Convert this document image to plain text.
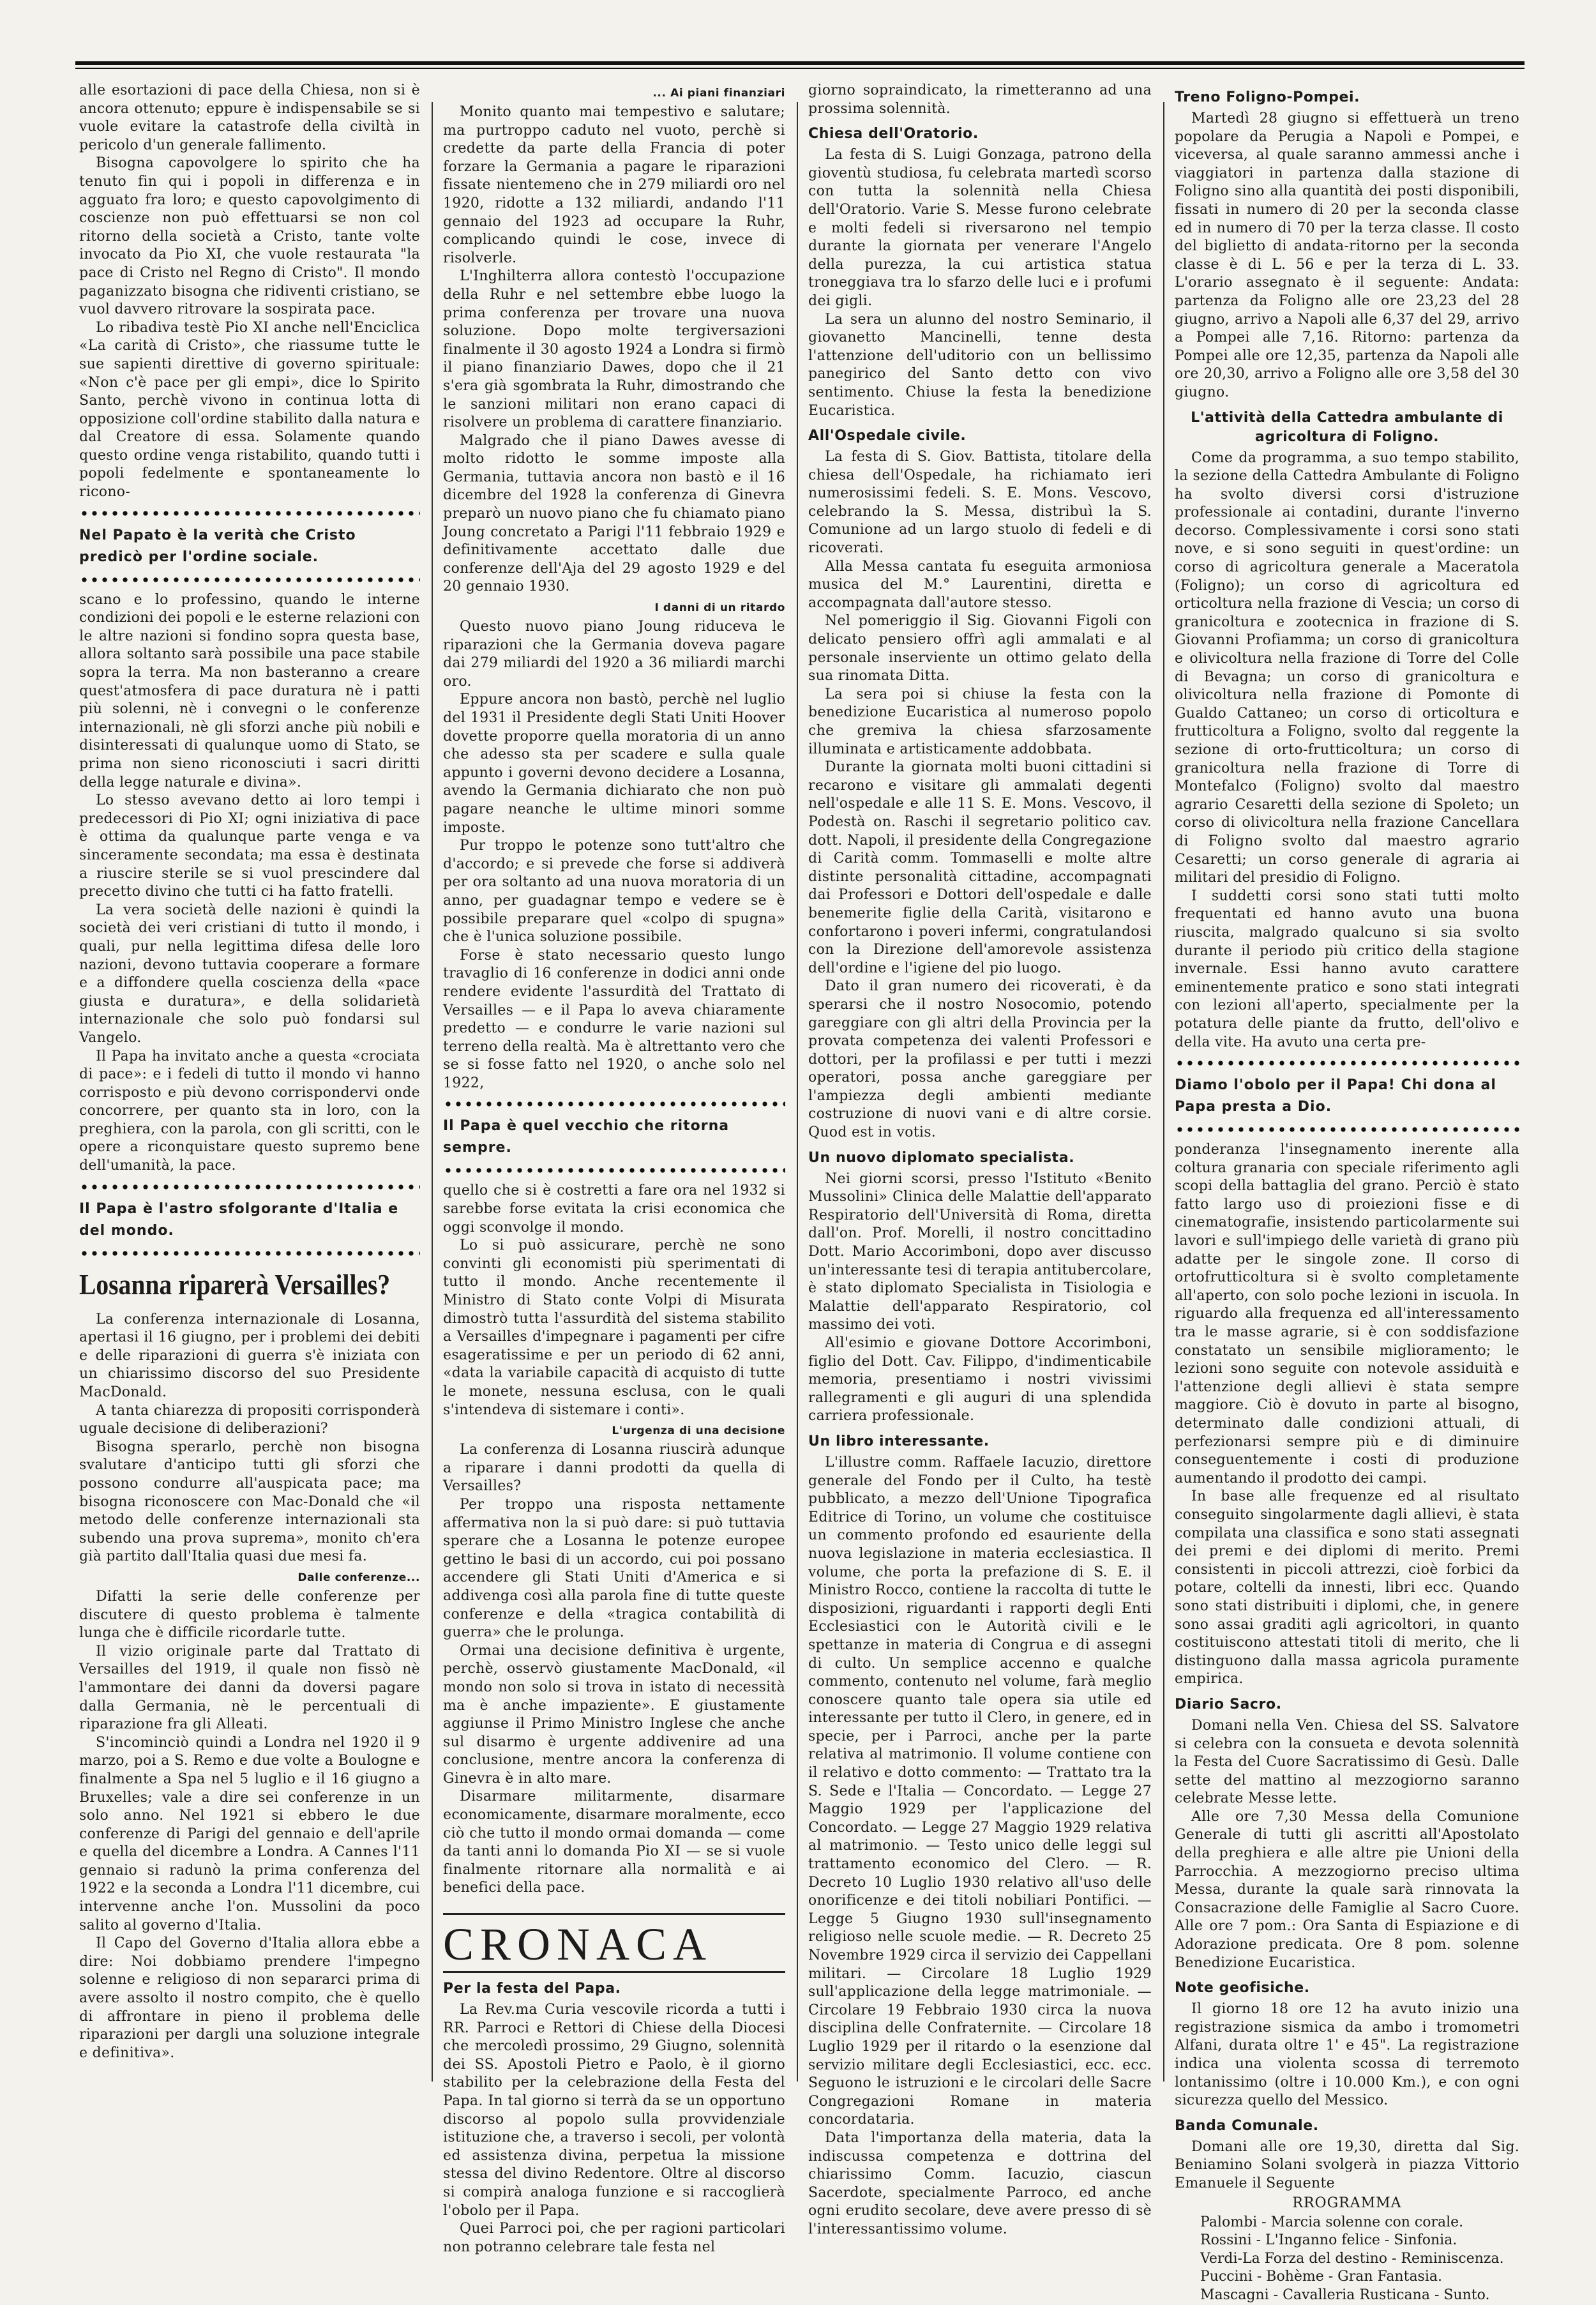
alle esortazioni di pace della Chiesa, non si è ancora ottenuto; eppure è indispensabile se si vuole evitare la catastrofe della civiltà in pericolo d'un generale fallimento.

Bisogna capovolgere lo spirito che ha tenuto fin qui i popoli in differenza e in agguato fra loro; e questo capovolgimento di coscienze non può effettuarsi se non col ritorno della società a Cristo, tante volte invocato da Pio XI, che vuole restaurata "la pace di Cristo nel Regno di Cristo". Il mondo paganizzato bisogna che ridiventi cristiano, se vuol davvero ritrovare la sospirata pace.

Lo ribadiva testè Pio XI anche nell'Enciclica «La carità di Cristo», che riassume tutte le sue sapienti direttive di governo spirituale: «Non c'è pace per gli empi», dice lo Spirito Santo, perchè vivono in continua lotta di opposizione coll'ordine stabilito dalla natura e dal Creatore di essa. Solamente quando questo ordine venga ristabilito, quando tutti i popoli fedelmente e spontaneamente lo ricono-

Nel Papato è la verità che Cristo predicò per l'ordine sociale.

scano e lo professino, quando le interne condizioni dei popoli e le esterne relazioni con le altre nazioni si fondino sopra questa base, allora soltanto sarà possibile una pace stabile sopra la terra. Ma non basteranno a creare quest'atmosfera di pace duratura nè i patti più solenni, nè i convegni o le conferenze internazionali, nè gli sforzi anche più nobili e disinteressati di qualunque uomo di Stato, se prima non sieno riconosciuti i sacri diritti della legge naturale e divina».

Lo stesso avevano detto ai loro tempi i predecessori di Pio XI; ogni iniziativa di pace è ottima da qualunque parte venga e va sinceramente secondata; ma essa è destinata a riuscire sterile se si vuol prescindere dal precetto divino che tutti ci ha fatto fratelli.

La vera società delle nazioni è quindi la società dei veri cristiani di tutto il mondo, i quali, pur nella legittima difesa delle loro nazioni, devono tuttavia cooperare a formare e a diffondere quella coscienza della «pace giusta e duratura», e della solidarietà internazionale che solo può fondarsi sul Vangelo.

Il Papa ha invitato anche a questa «crociata di pace»: e i fedeli di tutto il mondo vi hanno corrisposto e più devono corrispondervi onde concorrere, per quanto sta in loro, con la preghiera, con la parola, con gli scritti, con le opere a riconquistare questo supremo bene dell'umanità, la pace.

Il Papa è l'astro sfolgorante d'Italia e del mondo.
Losanna riparerà Versailles?

La conferenza internazionale di Losanna, apertasi il 16 giugno, per i problemi dei debiti e delle riparazioni di guerra s'è iniziata con un chiarissimo discorso del suo Presidente MacDonald.

A tanta chiarezza di propositi corrisponderà uguale decisione di deliberazioni?

Bisogna sperarlo, perchè non bisogna svalutare d'anticipo tutti gli sforzi che possono condurre all'auspicata pace; ma bisogna riconoscere con Mac-Donald che «il metodo delle conferenze internazionali sta subendo una prova suprema», monito ch'era già partito dall'Italia quasi due mesi fa.

Dalle conferenze...

Difatti la serie delle conferenze per discutere di questo problema è talmente lunga che è difficile ricordarle tutte.

Il vizio originale parte dal Trattato di Versailles del 1919, il quale non fissò nè l'ammontare dei danni da doversi pagare dalla Germania, nè le percentuali di riparazione fra gli Alleati.

S'incominciò quindi a Londra nel 1920 il 9 marzo, poi a S. Remo e due volte a Boulogne e finalmente a Spa nel 5 luglio e il 16 giugno a Bruxelles; vale a dire sei conferenze in un solo anno. Nel 1921 si ebbero le due conferenze di Parigi del gennaio e dell'aprile e quella del dicembre a Londra. A Cannes l'11 gennaio si radunò la prima conferenza del 1922 e la seconda a Londra l'11 dicembre, cui intervenne anche l'on. Mussolini da poco salito al governo d'Italia.

Il Capo del Governo d'Italia allora ebbe a dire: Noi dobbiamo prendere l'impegno solenne e religioso di non separarci prima di avere assolto il nostro compito, che è quello di affrontare in pieno il problema delle riparazioni per dargli una soluzione integrale e definitiva».

... Ai piani finanziari

Monito quanto mai tempestivo e salutare; ma purtroppo caduto nel vuoto, perchè si credette da parte della Francia di poter forzare la Germania a pagare le riparazioni fissate nientemeno che in 279 miliardi oro nel 1920, ridotte a 132 miliardi, andando l'11 gennaio del 1923 ad occupare la Ruhr, complicando quindi le cose, invece di risolverle.

L'Inghilterra allora contestò l'occupazione della Ruhr e nel settembre ebbe luogo la prima conferenza per trovare una nuova soluzione. Dopo molte tergiversazioni finalmente il 30 agosto 1924 a Londra si firmò il piano finanziario Dawes, dopo che il 21 s'era già sgombrata la Ruhr, dimostrando che le sanzioni militari non erano capaci di risolvere un problema di carattere finanziario.

Malgrado che il piano Dawes avesse di molto ridotto le somme imposte alla Germania, tuttavia ancora non bastò e il 16 dicembre del 1928 la conferenza di Ginevra preparò un nuovo piano che fu chiamato piano Joung concretato a Parigi l'11 febbraio 1929 e definitivamente accettato dalle due conferenze dell'Aja del 29 agosto 1929 e del 20 gennaio 1930.

I danni di un ritardo

Questo nuovo piano Joung riduceva le riparazioni che la Germania doveva pagare dai 279 miliardi del 1920 a 36 miliardi marchi oro.

Eppure ancora non bastò, perchè nel luglio del 1931 il Presidente degli Stati Uniti Hoover dovette proporre quella moratoria di un anno che adesso sta per scadere e sulla quale appunto i governi devono decidere a Losanna, avendo la Germania dichiarato che non può pagare neanche le ultime minori somme imposte.

Pur troppo le potenze sono tutt'altro che d'accordo; e si prevede che forse si addiverà per ora soltanto ad una nuova moratoria di un anno, per guadagnar tempo e vedere se è possibile preparare quel «colpo di spugna» che è l'unica soluzione possibile.

Forse è stato necessario questo lungo travaglio di 16 conferenze in dodici anni onde rendere evidente l'assurdità del Trattato di Versailles — e il Papa lo aveva chiaramente predetto — e condurre le varie nazioni sul terreno della realtà. Ma è altrettanto vero che se si fosse fatto nel 1920, o anche solo nel 1922,

Il Papa è quel vecchio che ritorna sempre.

quello che si è costretti a fare ora nel 1932 si sarebbe forse evitata la crisi economica che oggi sconvolge il mondo.

Lo si può assicurare, perchè ne sono convinti gli economisti più sperimentati di tutto il mondo. Anche recentemente il Ministro di Stato conte Volpi di Misurata dimostrò tutta l'assurdità del sistema stabilito a Versailles d'impegnare i pagamenti per cifre esageratissime e per un periodo di 62 anni, «data la variabile capacità di acquisto di tutte le monete, nessuna esclusa, con le quali s'intendeva di sistemare i conti».

L'urgenza di una decisione

La conferenza di Losanna riuscirà adunque a riparare i danni prodotti da quella di Versailles?

Per troppo una risposta nettamente affermativa non la si può dare: si può tuttavia sperare che a Losanna le potenze europee gettino le basi di un accordo, cui poi possano accendere gli Stati Uniti d'America e si addivenga così alla parola fine di tutte queste conferenze e della «tragica contabilità di guerra» che le prolunga.

Ormai una decisione definitiva è urgente, perchè, osservò giustamente MacDonald, «il mondo non solo si trova in istato di necessità ma è anche impaziente». E giustamente aggiunse il Primo Ministro Inglese che anche sul disarmo è urgente addivenire ad una conclusione, mentre ancora la conferenza di Ginevra è in alto mare.

Disarmare militarmente, disarmare economicamente, disarmare moralmente, ecco ciò che tutto il mondo ormai domanda — come da tanti anni lo domanda Pio XI — se si vuole finalmente ritornare alla normalità e ai benefici della pace.

CRONACA
Per la festa del Papa.

La Rev.ma Curia vescovile ricorda a tutti i RR. Parroci e Rettori di Chiese della Diocesi che mercoledì prossimo, 29 Giugno, solennità dei SS. Apostoli Pietro e Paolo, è il giorno stabilito per la celebrazione della Festa del Papa. In tal giorno si terrà da se un opportuno discorso al popolo sulla provvidenziale istituzione che, a traverso i secoli, per volontà ed assistenza divina, perpetua la missione stessa del divino Redentore. Oltre al discorso si compirà analoga funzione e si raccoglierà l'obolo per il Papa.

Quei Parroci poi, che per ragioni particolari non potranno celebrare tale festa nel

giorno sopraindicato, la rimetteranno ad una prossima solennità.

Chiesa dell'Oratorio.

La festa di S. Luigi Gonzaga, patrono della gioventù studiosa, fu celebrata martedì scorso con tutta la solennità nella Chiesa dell'Oratorio. Varie S. Messe furono celebrate e molti fedeli si riversarono nel tempio durante la giornata per venerare l'Angelo della purezza, la cui artistica statua troneggiava tra lo sfarzo delle luci e i profumi dei gigli.

La sera un alunno del nostro Seminario, il giovanetto Mancinelli, tenne desta l'attenzione dell'uditorio con un bellissimo panegirico del Santo detto con vivo sentimento. Chiuse la festa la benedizione Eucaristica.

All'Ospedale civile.

La festa di S. Giov. Battista, titolare della chiesa dell'Ospedale, ha richiamato ieri numerosissimi fedeli. S. E. Mons. Vescovo, celebrando la S. Messa, distribuì la S. Comunione ad un largo stuolo di fedeli e di ricoverati.

Alla Messa cantata fu eseguita armoniosa musica del M.° Laurentini, diretta e accompagnata dall'autore stesso.

Nel pomeriggio il Sig. Giovanni Figoli con delicato pensiero offrì agli ammalati e al personale inserviente un ottimo gelato della sua rinomata Ditta.

La sera poi si chiuse la festa con la benedizione Eucaristica al numeroso popolo che gremiva la chiesa sfarzosamente illuminata e artisticamente addobbata.

Durante la giornata molti buoni cittadini si recarono e visitare gli ammalati degenti nell'ospedale e alle 11 S. E. Mons. Vescovo, il Podestà on. Raschi il segretario politico cav. dott. Napoli, il presidente della Congregazione di Carità comm. Tommaselli e molte altre distinte personalità cittadine, accompagnati dai Professori e Dottori dell'ospedale e dalle benemerite figlie della Carità, visitarono e confortarono i poveri infermi, congratulandosi con la Direzione dell'amorevole assistenza dell'ordine e l'igiene del pio luogo.

Dato il gran numero dei ricoverati, è da sperarsi che il nostro Nosocomio, potendo gareggiare con gli altri della Provincia per la provata competenza dei valenti Professori e dottori, per la profilassi e per tutti i mezzi operatori, possa anche gareggiare per l'ampiezza degli ambienti mediante costruzione di nuovi vani e di altre corsie. Quod est in votis.

Un nuovo diplomato specialista.

Nei giorni scorsi, presso l'Istituto «Benito Mussolini» Clinica delle Malattie dell'apparato Respiratorio dell'Università di Roma, diretta dall'on. Prof. Morelli, il nostro concittadino Dott. Mario Accorimboni, dopo aver discusso un'interessante tesi di terapia antitubercolare, è stato diplomato Specialista in Tisiologia e Malattie dell'apparato Respiratorio, col massimo dei voti.

All'esimio e giovane Dottore Accorimboni, figlio del Dott. Cav. Filippo, d'indimenticabile memoria, presentiamo i nostri vivissimi rallegramenti e gli auguri di una splendida carriera professionale.

Un libro interessante.

L'illustre comm. Raffaele Iacuzio, direttore generale del Fondo per il Culto, ha testè pubblicato, a mezzo dell'Unione Tipografica Editrice di Torino, un volume che costituisce un commento profondo ed esauriente della nuova legislazione in materia ecclesiastica. Il volume, che porta la prefazione di S. E. il Ministro Rocco, contiene la raccolta di tutte le disposizioni, riguardanti i rapporti degli Enti Ecclesiastici con le Autorità civili e le spettanze in materia di Congrua e di assegni di culto. Un semplice accenno e qualche commento, contenuto nel volume, farà meglio conoscere quanto tale opera sia utile ed interessante per tutto il Clero, in genere, ed in specie, per i Parroci, anche per la parte relativa al matrimonio. Il volume contiene con il relativo e dotto commento: — Trattato tra la S. Sede e l'Italia — Concordato. — Legge 27 Maggio 1929 per l'applicazione del Concordato. — Legge 27 Maggio 1929 relativa al matrimonio. — Testo unico delle leggi sul trattamento economico del Clero. — R. Decreto 10 Luglio 1930 relativo all'uso delle onorificenze e dei titoli nobiliari Pontifici. — Legge 5 Giugno 1930 sull'insegnamento religioso nelle scuole medie. — R. Decreto 25 Novembre 1929 circa il servizio dei Cappellani militari. — Circolare 18 Luglio 1929 sull'applicazione della legge matrimoniale. — Circolare 19 Febbraio 1930 circa la nuova disciplina delle Confraternite. — Circolare 18 Luglio 1929 per il ritardo o la esenzione dal servizio militare degli Ecclesiastici, ecc. ecc. Seguono le istruzioni e le circolari delle Sacre Congregazioni Romane in materia concordataria.

Data l'importanza della materia, data la indiscussa competenza e dottrina del chiarissimo Comm. Iacuzio, ciascun Sacerdote, specialmente Parroco, ed anche ogni erudito secolare, deve avere presso di sè l'interessantissimo volume.

Treno Foligno-Pompei.

Martedì 28 giugno si effettuerà un treno popolare da Perugia a Napoli e Pompei, e viceversa, al quale saranno ammessi anche i viaggiatori in partenza dalla stazione di Foligno sino alla quantità dei posti disponibili, fissati in numero di 20 per la seconda classe ed in numero di 70 per la terza classe. Il costo del biglietto di andata-ritorno per la seconda classe è di L. 56 e per la terza di L. 33. L'orario assegnato è il seguente: Andata: partenza da Foligno alle ore 23,23 del 28 giugno, arrivo a Napoli alle 6,37 del 29, arrivo a Pompei alle 7,16. Ritorno: partenza da Pompei alle ore 12,35, partenza da Napoli alle ore 20,30, arrivo a Foligno alle ore 3,58 del 30 giugno.

L'attività della Cattedra ambulante di agricoltura di Foligno.

Come da programma, a suo tempo stabilito, la sezione della Cattedra Ambulante di Foligno ha svolto diversi corsi d'istruzione professionale ai contadini, durante l'inverno decorso. Complessivamente i corsi sono stati nove, e si sono seguiti in quest'ordine: un corso di agricoltura generale a Maceratola (Foligno); un corso di agricoltura ed orticoltura nella frazione di Vescia; un corso di granicoltura e zootecnica in frazione di S. Giovanni Profiamma; un corso di granicoltura e olivicoltura nella frazione di Torre del Colle di Bevagna; un corso di granicoltura e olivicoltura nella frazione di Pomonte di Gualdo Cattaneo; un corso di orticoltura e frutticoltura a Foligno, svolto dal reggente la sezione di orto-frutticoltura; un corso di granicoltura nella frazione di Torre di Montefalco (Foligno) svolto dal maestro agrario Cesaretti della sezione di Spoleto; un corso di olivicoltura nella frazione Cancellara di Foligno svolto dal maestro agrario Cesaretti; un corso generale di agraria ai militari del presidio di Foligno.

I suddetti corsi sono stati tutti molto frequentati ed hanno avuto una buona riuscita, malgrado qualcuno si sia svolto durante il periodo più critico della stagione invernale. Essi hanno avuto carattere eminentemente pratico e sono stati integrati con lezioni all'aperto, specialmente per la potatura delle piante da frutto, dell'olivo e della vite. Ha avuto una certa pre-

Diamo l'obolo per il Papa! Chi dona al Papa presta a Dio.

ponderanza l'insegnamento inerente alla coltura granaria con speciale riferimento agli scopi della battaglia del grano. Perciò è stato fatto largo uso di proiezioni fisse e di cinematografie, insistendo particolarmente sui lavori e sull'impiego delle varietà di grano più adatte per le singole zone. Il corso di ortofrutticoltura si è svolto completamente all'aperto, con solo poche lezioni in iscuola. In riguardo alla frequenza ed all'interessamento tra le masse agrarie, si è con soddisfazione constatato un sensibile miglioramento; le lezioni sono seguite con notevole assiduità e l'attenzione degli allievi è stata sempre maggiore. Ciò è dovuto in parte al bisogno, determinato dalle condizioni attuali, di perfezionarsi sempre più e di diminuire conseguentemente i costi di produzione aumentando il prodotto dei campi.

In base alle frequenze ed al risultato conseguito singolarmente dagli allievi, è stata compilata una classifica e sono stati assegnati dei premi e dei diplomi di merito. Premi consistenti in piccoli attrezzi, cioè forbici da potare, coltelli da innesti, libri ecc. Quando sono stati distribuiti i diplomi, che, in genere sono assai graditi agli agricoltori, in quanto costituiscono attestati titoli di merito, che li distinguono dalla massa agricola puramente empirica.

Diario Sacro.

Domani nella Ven. Chiesa del SS. Salvatore si celebra con la consueta e devota solennità la Festa del Cuore Sacratissimo di Gesù. Dalle sette del mattino al mezzogiorno saranno celebrate Messe lette.

Alle ore 7,30 Messa della Comunione Generale di tutti gli ascritti all'Apostolato della preghiera e alle altre pie Unioni della Parrocchia. A mezzogiorno preciso ultima Messa, durante la quale sarà rinnovata la Consacrazione delle Famiglie al Sacro Cuore. Alle ore 7 pom.: Ora Santa di Espiazione e di Adorazione predicata. Ore 8 pom. solenne Benedizione Eucaristica.

Note geofisiche.

Il giorno 18 ore 12 ha avuto inizio una registrazione sismica da ambo i tromometri Alfani, durata oltre 1' e 45". La registrazione indica una violenta scossa di terremoto lontanissimo (oltre i 10.000 Km.), e con ogni sicurezza quello del Messico.

Banda Comunale.

Domani alle ore 19,30, diretta dal Sig. Beniamino Solani svolgerà in piazza Vittorio Emanuele il Seguente

RROGRAMMA

Palombi - Marcia solenne con corale.

Rossini - L'Inganno felice - Sinfonia.

Verdi-La Forza del destino - Reminiscenza.

Puccini - Bohème - Gran Fantasia.

Mascagni - Cavalleria Rusticana - Sunto.
